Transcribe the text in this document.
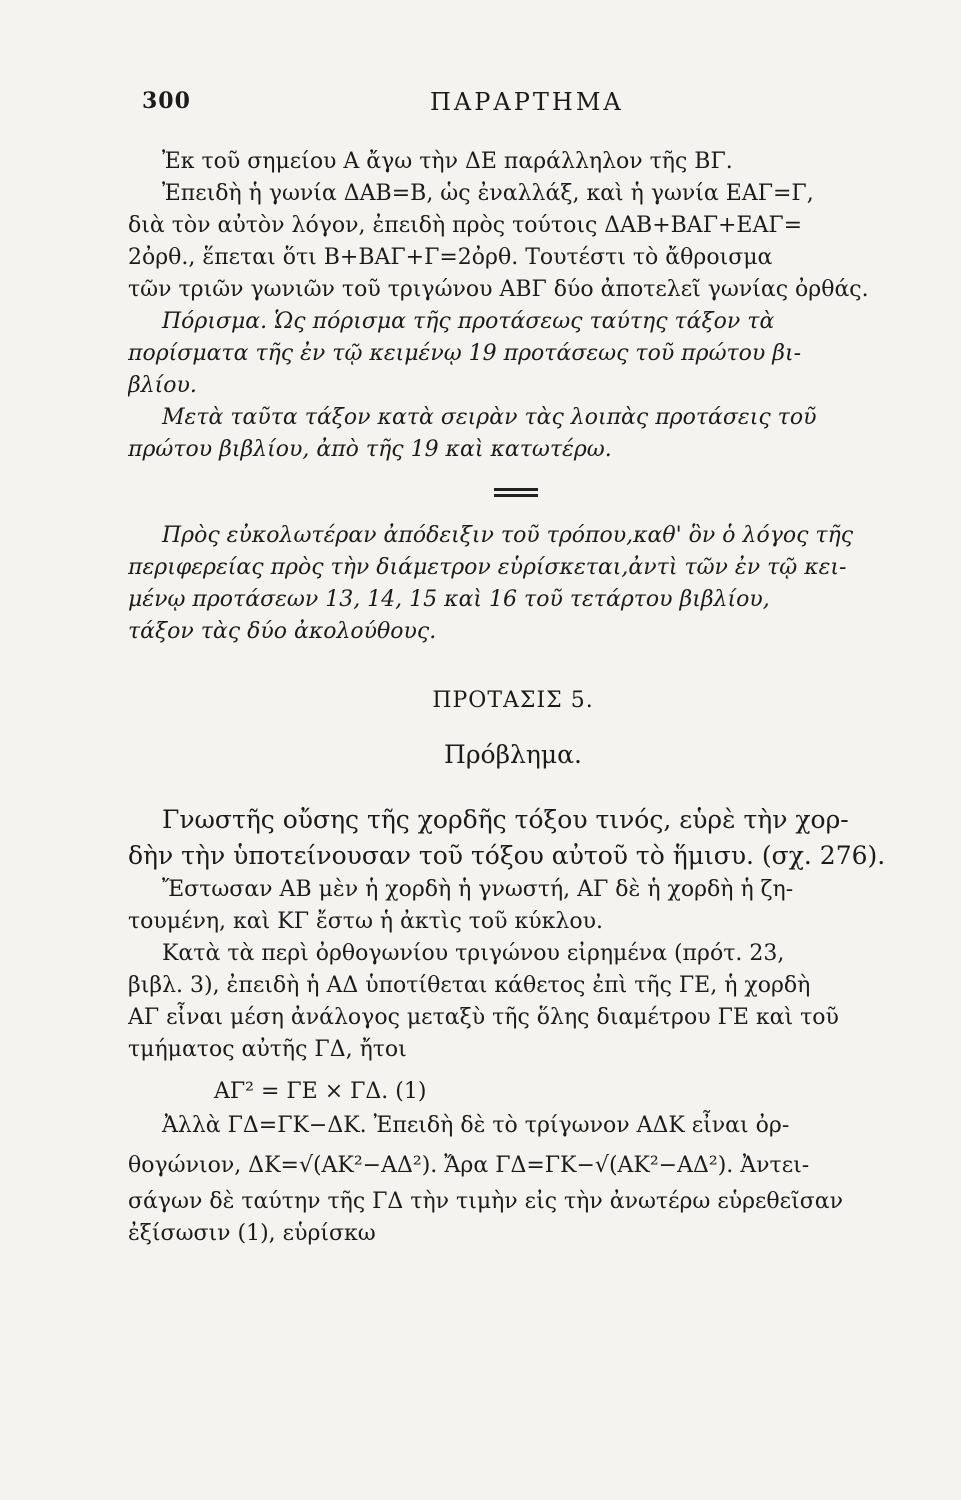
300	ΠΑΡΑΡΤΗΜΑ
Ἐκ τοῦ σημείου Α ἄγω τὴν ΔΕ παράλληλον τῆς ΒΓ.
Ἐπειδὴ ἡ γωνία ΔΑΒ=Β, ὡς ἐναλλάξ, καὶ ἡ γωνία ΕΑΓ=Γ,
διὰ τὸν αὐτὸν λόγον, ἐπειδὴ πρὸς τούτοις ΔΑΒ+ΒΑΓ+ΕΑΓ=
2ὀρθ., ἕπεται ὅτι Β+ΒΑΓ+Γ=2ὀρθ. Τουτέστι τὸ ἄθροισμα
τῶν τριῶν γωνιῶν τοῦ τριγώνου ΑΒΓ δύο ἀποτελεῖ γωνίας ὀρθάς.
Πόρισμα. Ὡς πόρισμα τῆς προτάσεως ταύτης τάξον τὰ
πορίσματα τῆς ἐν τῷ κειμένῳ 19 προτάσεως τοῦ πρώτου βι-
βλίου.
Μετὰ ταῦτα τάξον κατὰ σειρὰν τὰς λοιπὰς προτάσεις τοῦ
πρώτου βιβλίου, ἀπὸ τῆς 19 καὶ κατωτέρω.
Πρὸς εὐκολωτέραν ἀπόδειξιν τοῦ τρόπου,καθ' ὃν ὁ λόγος τῆς
περιφερείας πρὸς τὴν διάμετρον εὑρίσκεται,ἀντὶ τῶν ἐν τῷ κει-
μένῳ προτάσεων 13, 14, 15 καὶ 16 τοῦ τετάρτου βιβλίου,
τάξον τὰς δύο ἀκολούθους.
ΠΡΟΤΑΣΙΣ 5.
Πρόβλημα.
Γνωστῆς οὔσης τῆς χορδῆς τόξου τινός, εὑρὲ τὴν χορ-
δὴν τὴν ὑποτείνουσαν τοῦ τόξου αὐτοῦ τὸ ἥμισυ. (σχ. 276).
Ἔστωσαν ΑΒ μὲν ἡ χορδὴ ἡ γνωστή, ΑΓ δὲ ἡ χορδὴ ἡ ζη-
τουμένη, καὶ ΚΓ ἔστω ἡ ἀκτὶς τοῦ κύκλου.
Κατὰ τὰ περὶ ὀρθογωνίου τριγώνου εἰρημένα (πρότ. 23,
βιβλ. 3), ἐπειδὴ ἡ ΑΔ ὑποτίθεται κάθετος ἐπὶ τῆς ΓΕ, ἡ χορδὴ
ΑΓ εἶναι μέση ἀνάλογος μεταξὺ τῆς ὅλης διαμέτρου ΓΕ καὶ τοῦ
τμήματος αὐτῆς ΓΔ, ἤτοι
ΑΓ² = ΓΕ × ΓΔ. (1)
Ἀλλὰ ΓΔ=ΓΚ−ΔΚ. Ἐπειδὴ δὲ τὸ τρίγωνον ΑΔΚ εἶναι ὀρ-
θογώνιον, ΔΚ=√(ΑΚ²−ΑΔ²). Ἄρα ΓΔ=ΓΚ−√(ΑΚ²−ΑΔ²). Ἀντει-
σάγων δὲ ταύτην τῆς ΓΔ τὴν τιμὴν εἰς τὴν ἀνωτέρω εὑρεθεῖσαν
ἐξίσωσιν (1), εὑρίσκω
